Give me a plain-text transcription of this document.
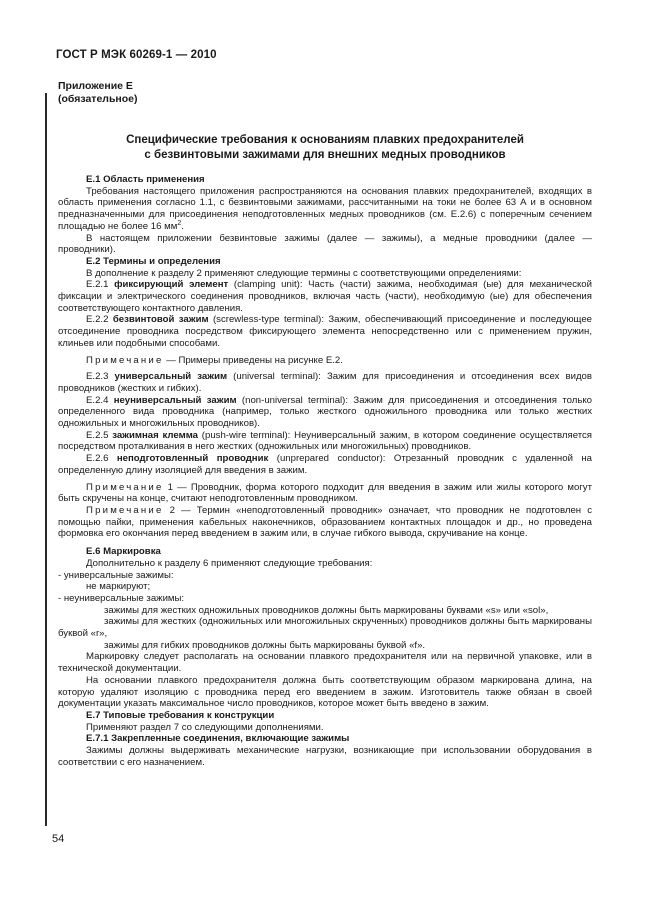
ГОСТ Р МЭК 60269-1 — 2010

Приложение Е

(обязательное)

Специфические требования к основаниям плавких предохранителей
с безвинтовыми зажимами для внешних медных проводников

Е.1 Область применения

Требования настоящего приложения распространяются на основания плавких предохранителей, входящих в область применения согласно 1.1, с безвинтовыми зажимами, рассчитанными на токи не более 63 А и в основном предназначенными для присоединения неподготовленных медных проводников (см. Е.2.6) с поперечным сечением площадью не более 16 $мм^2$.

В настоящем приложении безвинтовые зажимы (далее — зажимы), а медные проводники (далее — проводники).

Е.2 Термины и определения

В дополнение к разделу 2 применяют следующие термины с соответствующими определениями:

Е.2.1 фиксирующий элемент (clamping unit): Часть (части) зажима, необходимая (ые) для механической фиксации и электрического соединения проводников, включая часть (части), необходимую (ые) для обеспечения соответствующего контактного давления.

Е.2.2 безвинтовой зажим (screwless-type terminal): Зажим, обеспечивающий присоединение и последующее отсоединение проводника посредством фиксирующего элемента непосредственно или с применением пружин, клиньев или подобными способами.

Примечание — Примеры приведены на рисунке Е.2.

Е.2.3 универсальный зажим (universal terminal): Зажим для присоединения и отсоединения всех видов проводников (жестких и гибких).

Е.2.4 неуниверсальный зажим (non-universal terminal): Зажим для присоединения и отсоединения только определенного вида проводника (например, только жесткого одножильного проводника или только жестких одножильных и многожильных проводников).

Е.2.5 зажимная клемма (push-wire terminal): Неуниверсальный зажим, в котором соединение осуществляется посредством проталкивания в него жестких (одножильных или многожильных) проводников.

Е.2.6 неподготовленный проводник (unprepared conductor): Отрезанный проводник с удаленной на определенную длину изоляцией для введения в зажим.

Примечание 1 — Проводник, форма которого подходит для введения в зажим или жилы которого могут быть скручены на конце, считают неподготовленным проводником.

Примечание 2 — Термин «неподготовленный проводник» означает, что проводник не подготовлен с помощью пайки, применения кабельных наконечников, образованием контактных площадок и др., но проведена формовка его окончания перед введением в зажим или, в случае гибкого вывода, скручивание на конце.

Е.6 Маркировка

Дополнительно к разделу 6 применяют следующие требования:

- универсальные зажимы:

не маркируют;

- неуниверсальные зажимы:

зажимы для жестких одножильных проводников должны быть маркированы буквами «s» или «sol»,

зажимы для жестких (одножильных или многожильных скрученных) проводников должны быть маркированы буквой «r»,

зажимы для гибких проводников должны быть маркированы буквой «f».

Маркировку следует располагать на основании плавкого предохранителя или на первичной упаковке, или в технической документации.

На основании плавкого предохранителя должна быть соответствующим образом маркирована длина, на которую удаляют изоляцию с проводника перед его введением в зажим. Изготовитель также обязан в своей документации указать максимальное число проводников, которое может быть введено в зажим.

Е.7 Типовые требования к конструкции

Применяют раздел 7 со следующими дополнениями.

Е.7.1 Закрепленные соединения, включающие зажимы

Зажимы должны выдерживать механические нагрузки, возникающие при использовании оборудования в соответствии с его назначением.

54
